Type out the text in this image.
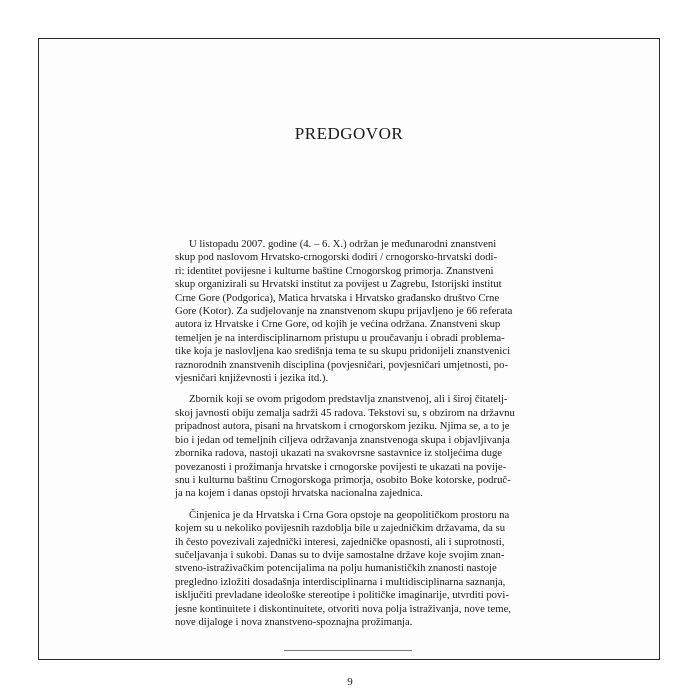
PREDGOVOR
U listopadu 2007. godine (4. – 6. X.) održan je međunarodni znanstveni
skup pod naslovom Hrvatsko-crnogorski dodiri / crnogorsko-hrvatski dodi-
ri: identitet povijesne i kulturne baštine Crnogorskog primorja. Znanstveni
skup organizirali su Hrvatski institut za povijest u Zagrebu, Istorijski institut
Crne Gore (Podgorica), Matica hrvatska i Hrvatsko građansko društvo Crne
Gore (Kotor). Za sudjelovanje na znanstvenom skupu prijavljeno je 66 referata
autora iz Hrvatske i Crne Gore, od kojih je većina održana. Znanstveni skup
temeljen je na interdisciplinarnom pristupu u proučavanju i obradi problema-
tike koja je naslovljena kao središnja tema te su skupu pridonijeli znanstvenici
raznorodnih znanstvenih disciplina (povjesničari, povjesničari umjetnosti, po-
vjesničari književnosti i jezika itd.).
Zbornik koji se ovom prigodom predstavlja znanstvenoj, ali i široj čitatelj-
skoj javnosti obiju zemalja sadrži 45 radova. Tekstovi su, s obzirom na državnu
pripadnost autora, pisani na hrvatskom i crnogorskom jeziku. Njima se, a to je
bio i jedan od temeljnih ciljeva održavanja znanstvenoga skupa i objavljivanja
zbornika radova, nastoji ukazati na svakovrsne sastavnice iz stoljećima duge
povezanosti i prožimanja hrvatske i crnogorske povijesti te ukazati na povije-
snu i kulturnu baštinu Crnogorskoga primorja, osobito Boke kotorske, područ-
ja na kojem i danas opstoji hrvatska nacionalna zajednica.
Činjenica je da Hrvatska i Crna Gora opstoje na geopolitičkom prostoru na
kojem su u nekoliko povijesnih razdoblja bile u zajedničkim državama, da su
ih često povezivali zajednički interesi, zajedničke opasnosti, ali i suprotnosti,
sučeljavanja i sukobi. Danas su to dvije samostalne države koje svojim znan-
stveno-istraživačkim potencijalima na polju humanističkih znanosti nastoje
pregledno izložiti dosadašnja interdisciplinarna i multidisciplinarna saznanja,
isključiti prevladane ideološke stereotipe i političke imaginarije, utvrditi povi-
jesne kontinuitete i diskontinuitete, otvoriti nova polja istraživanja, nove teme,
nove dijaloge i nova znanstveno-spoznajna prožimanja.
9
